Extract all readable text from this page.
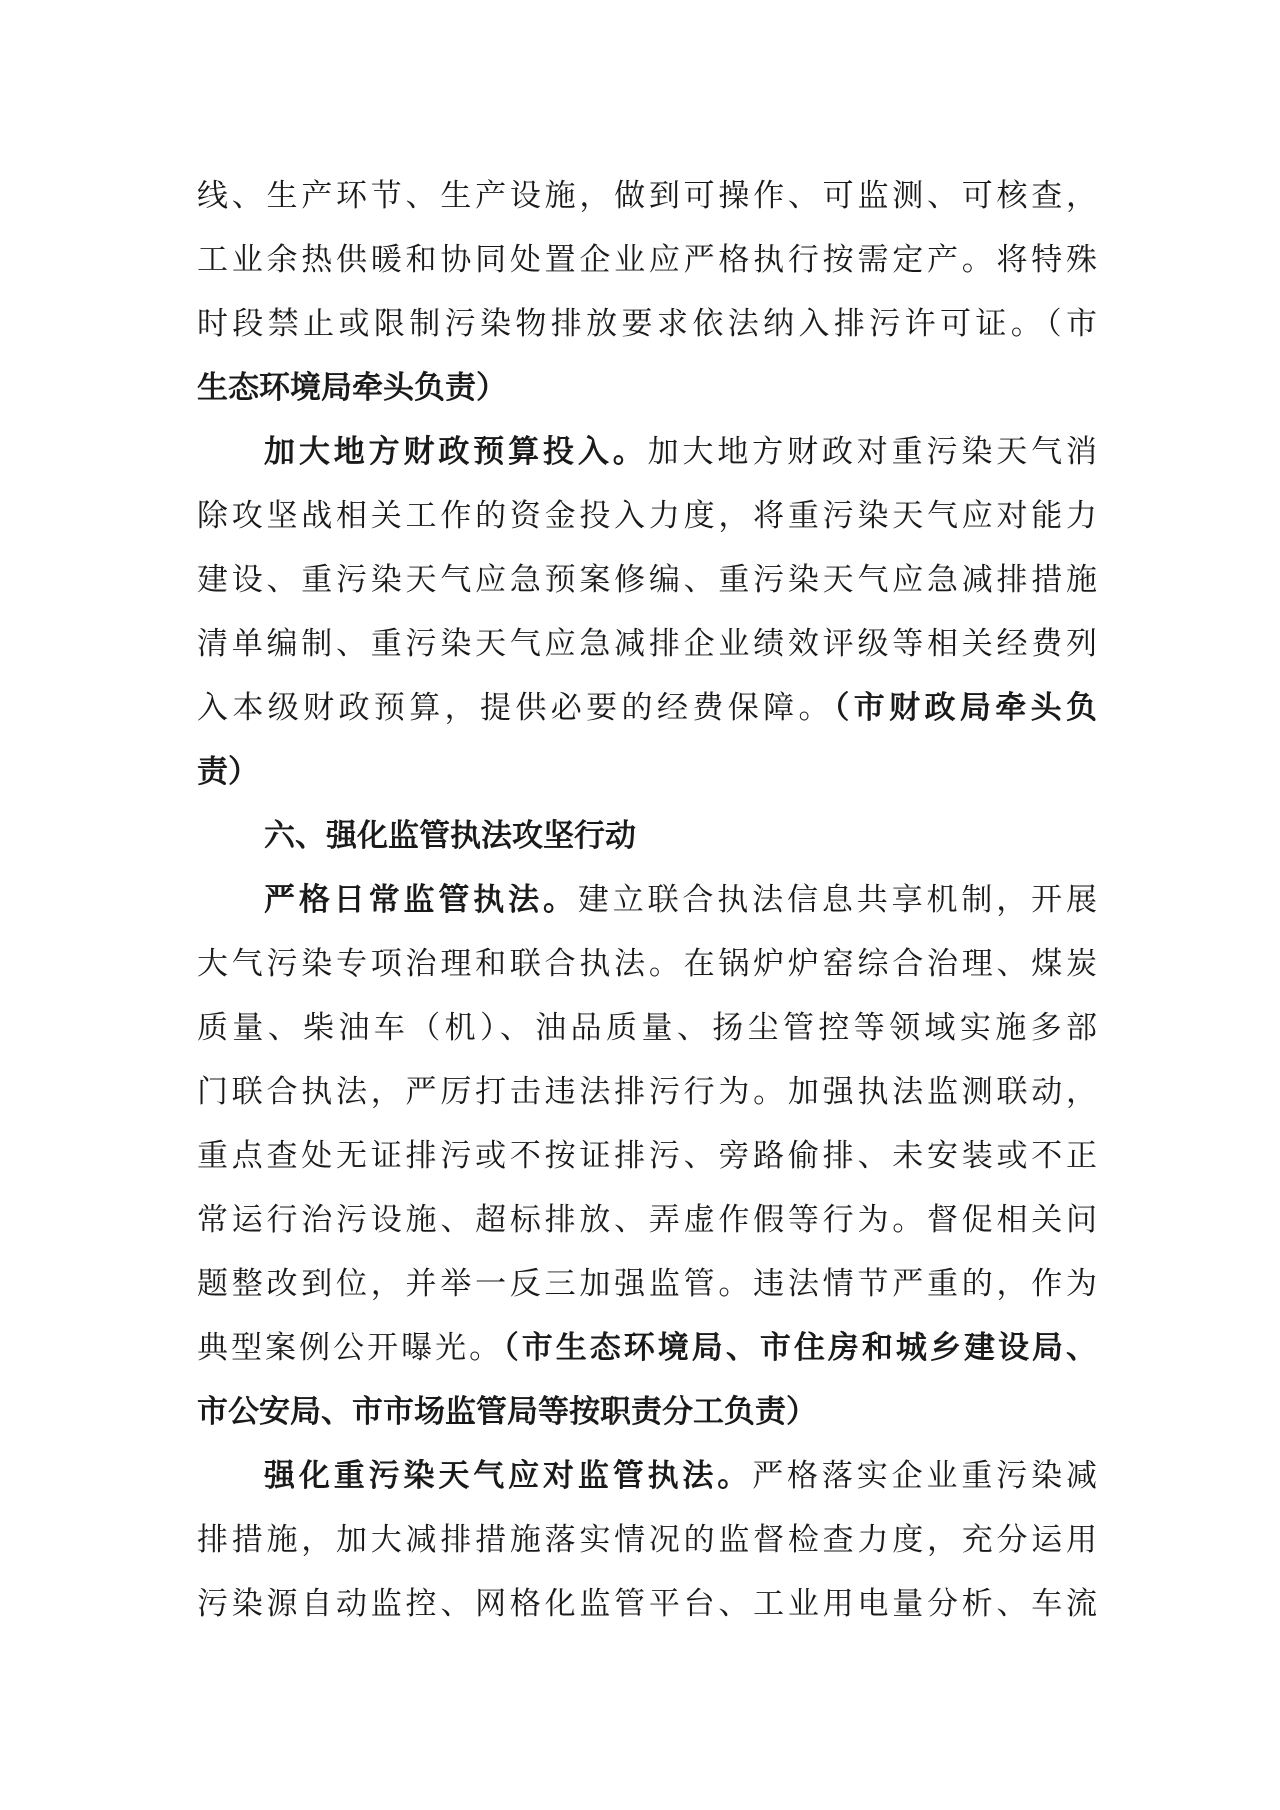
线、生产环节、生产设施，做到可操作、可监测、可核查，
工业余热供暖和协同处置企业应严格执行按需定产。将特殊
时段禁止或限制污染物排放要求依法纳入排污许可证。（市
生态环境局牵头负责）
加大地方财政预算投入。加大地方财政对重污染天气消
除攻坚战相关工作的资金投入力度，将重污染天气应对能力
建设、重污染天气应急预案修编、重污染天气应急减排措施
清单编制、重污染天气应急减排企业绩效评级等相关经费列
入本级财政预算，提供必要的经费保障。（市财政局牵头负
责）
六、强化监管执法攻坚行动
严格日常监管执法。建立联合执法信息共享机制，开展
大气污染专项治理和联合执法。在锅炉炉窑综合治理、煤炭
质量、柴油车（机）、油品质量、扬尘管控等领域实施多部
门联合执法，严厉打击违法排污行为。加强执法监测联动，
重点查处无证排污或不按证排污、旁路偷排、未安装或不正
常运行治污设施、超标排放、弄虚作假等行为。督促相关问
题整改到位，并举一反三加强监管。违法情节严重的，作为
典型案例公开曝光。（市生态环境局、市住房和城乡建设局、
市公安局、市市场监管局等按职责分工负责）
强化重污染天气应对监管执法。严格落实企业重污染减
排措施，加大减排措施落实情况的监督检查力度，充分运用
污染源自动监控、网格化监管平台、工业用电量分析、车流
